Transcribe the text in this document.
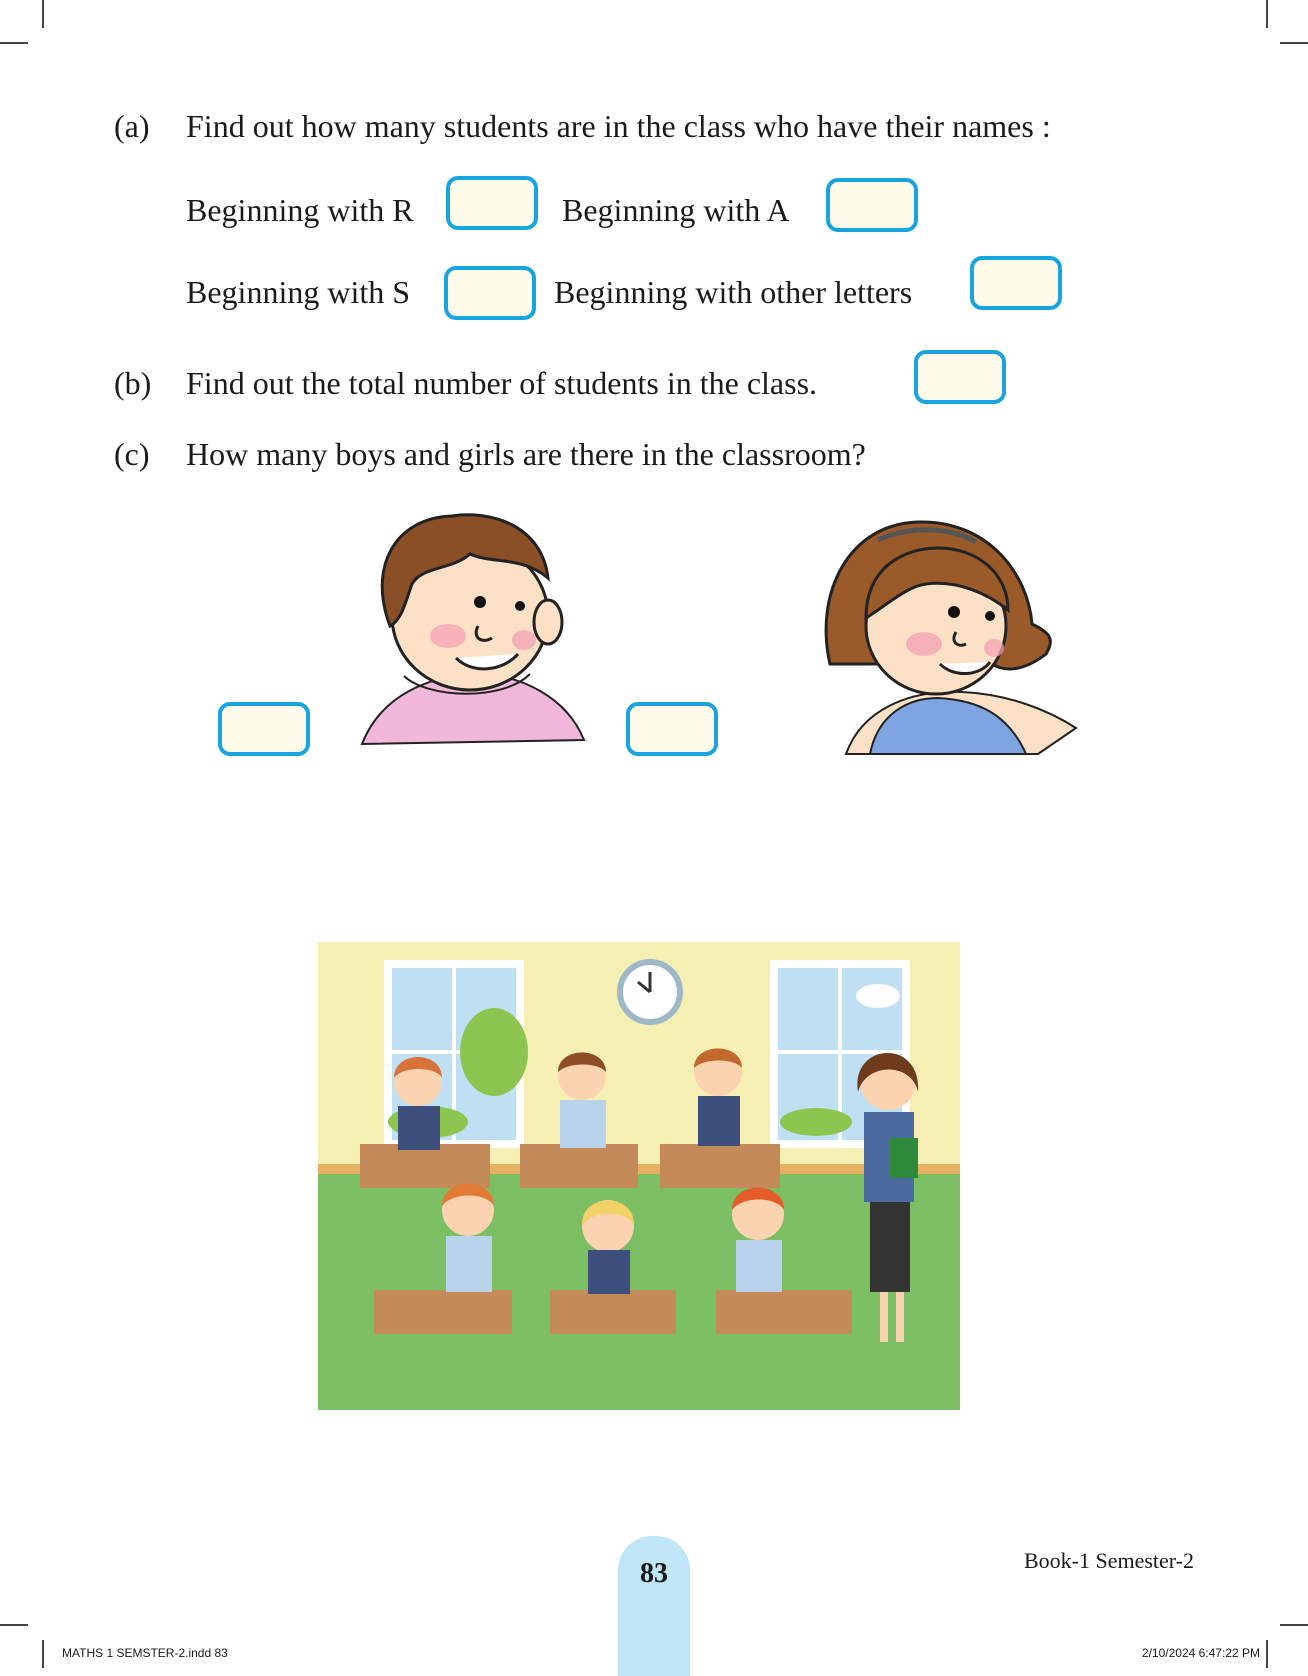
(a) Find out how many students are in the class who have their names :
Beginning with R	Beginning with A
Beginning with S	Beginning with other letters
(b) Find out the total number of students in the class.
(c) How many boys and girls are there in the classroom?
83	Book-1 Semester-2
MATHS 1 SEMSTER-2.indd 83	2/10/2024 6:47:22 PM
